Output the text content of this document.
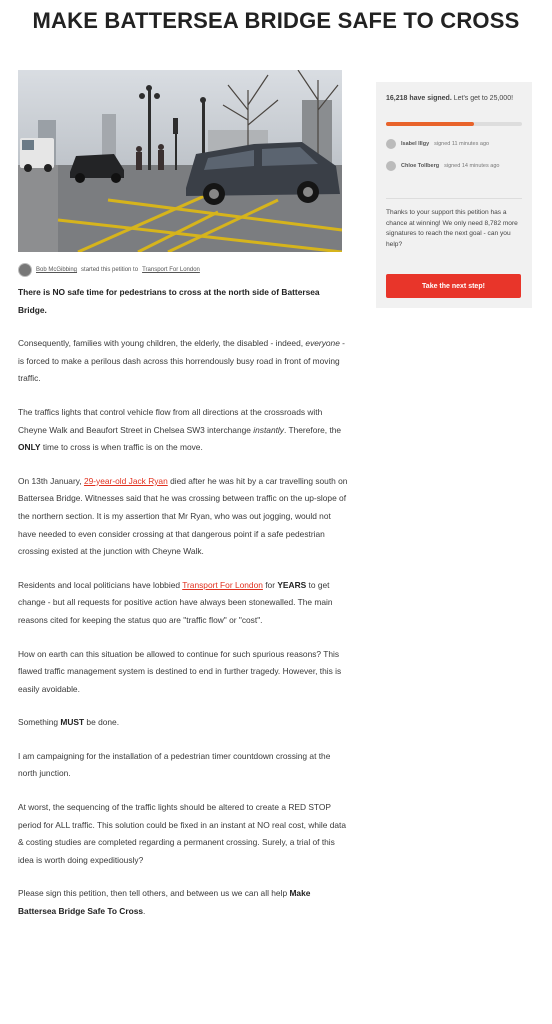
MAKE BATTERSEA BRIDGE SAFE TO CROSS
Bob McGibbing started this petition to Transport For London

There is NO safe time for pedestrians to cross at the north side of Battersea Bridge.

Consequently, families with young children, the elderly, the disabled - indeed, everyone - is forced to make a perilous dash across this horrendously busy road in front of moving traffic.

The traffics lights that control vehicle flow from all directions at the crossroads with Cheyne Walk and Beaufort Street in Chelsea SW3 interchange instantly. Therefore, the ONLY time to cross is when traffic is on the move.

On 13th January, 29-year-old Jack Ryan died after he was hit by a car travelling south on Battersea Bridge. Witnesses said that he was crossing between traffic on the up-slope of the northern section. It is my assertion that Mr Ryan, who was out jogging, would not have needed to even consider crossing at that dangerous point if a safe pedestrian crossing existed at the junction with Cheyne Walk.

Residents and local politicians have lobbied Transport For London for YEARS to get change - but all requests for positive action have always been stonewalled. The main reasons cited for keeping the status quo are "traffic flow" or "cost".

How on earth can this situation be allowed to continue for such spurious reasons? This flawed traffic management system is destined to end in further tragedy. However, this is easily avoidable.

Something MUST be done.

I am campaigning for the installation of a pedestrian timer countdown crossing at the north junction.

At worst, the sequencing of the traffic lights should be altered to create a RED STOP period for ALL traffic. This solution could be fixed in an instant at NO real cost, while data & costing studies are completed regarding a permanent crossing. Surely, a trial of this idea is worth doing expeditiously?

Please sign this petition, then tell others, and between us we can all help Make Battersea Bridge Safe To Cross.

16,218 have signed. Let's get to 25,000!
Isabel Illgy signed 11 minutes ago
Chloe Tollberg signed 14 minutes ago
Thanks to your support this petition has a chance at winning! We only need 8,782 more signatures to reach the next goal - can you help?
Take the next step!
